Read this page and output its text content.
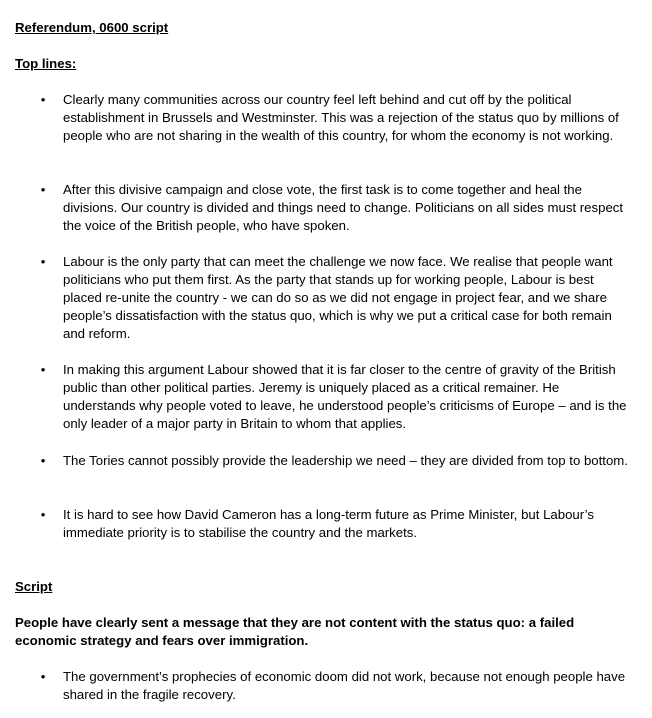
Referendum, 0600 script
Top lines:
• Clearly many communities across our country feel left behind and cut off by the political establishment in Brussels and Westminster. This was a rejection of the status quo by millions of people who are not sharing in the wealth of this country, for whom the economy is not working.
• After this divisive campaign and close vote, the first task is to come together and heal the divisions. Our country is divided and things need to change. Politicians on all sides must respect the voice of the British people, who have spoken.
• Labour is the only party that can meet the challenge we now face. We realise that people want politicians who put them first. As the party that stands up for working people, Labour is best placed re-unite the country - we can do so as we did not engage in project fear, and we share people’s dissatisfaction with the status quo, which is why we put a critical case for both remain and reform.
• In making this argument Labour showed that it is far closer to the centre of gravity of the British public than other political parties. Jeremy is uniquely placed as a critical remainer. He understands why people voted to leave, he understood people’s criticisms of Europe – and is the only leader of a major party in Britain to whom that applies.
• The Tories cannot possibly provide the leadership we need – they are divided from top to bottom.
• It is hard to see how David Cameron has a long-term future as Prime Minister, but Labour’s immediate priority is to stabilise the country and the markets.
Script
People have clearly sent a message that they are not content with the status quo: a failed economic strategy and fears over immigration.
• The government’s prophecies of economic doom did not work, because not enough people have shared in the fragile recovery.
